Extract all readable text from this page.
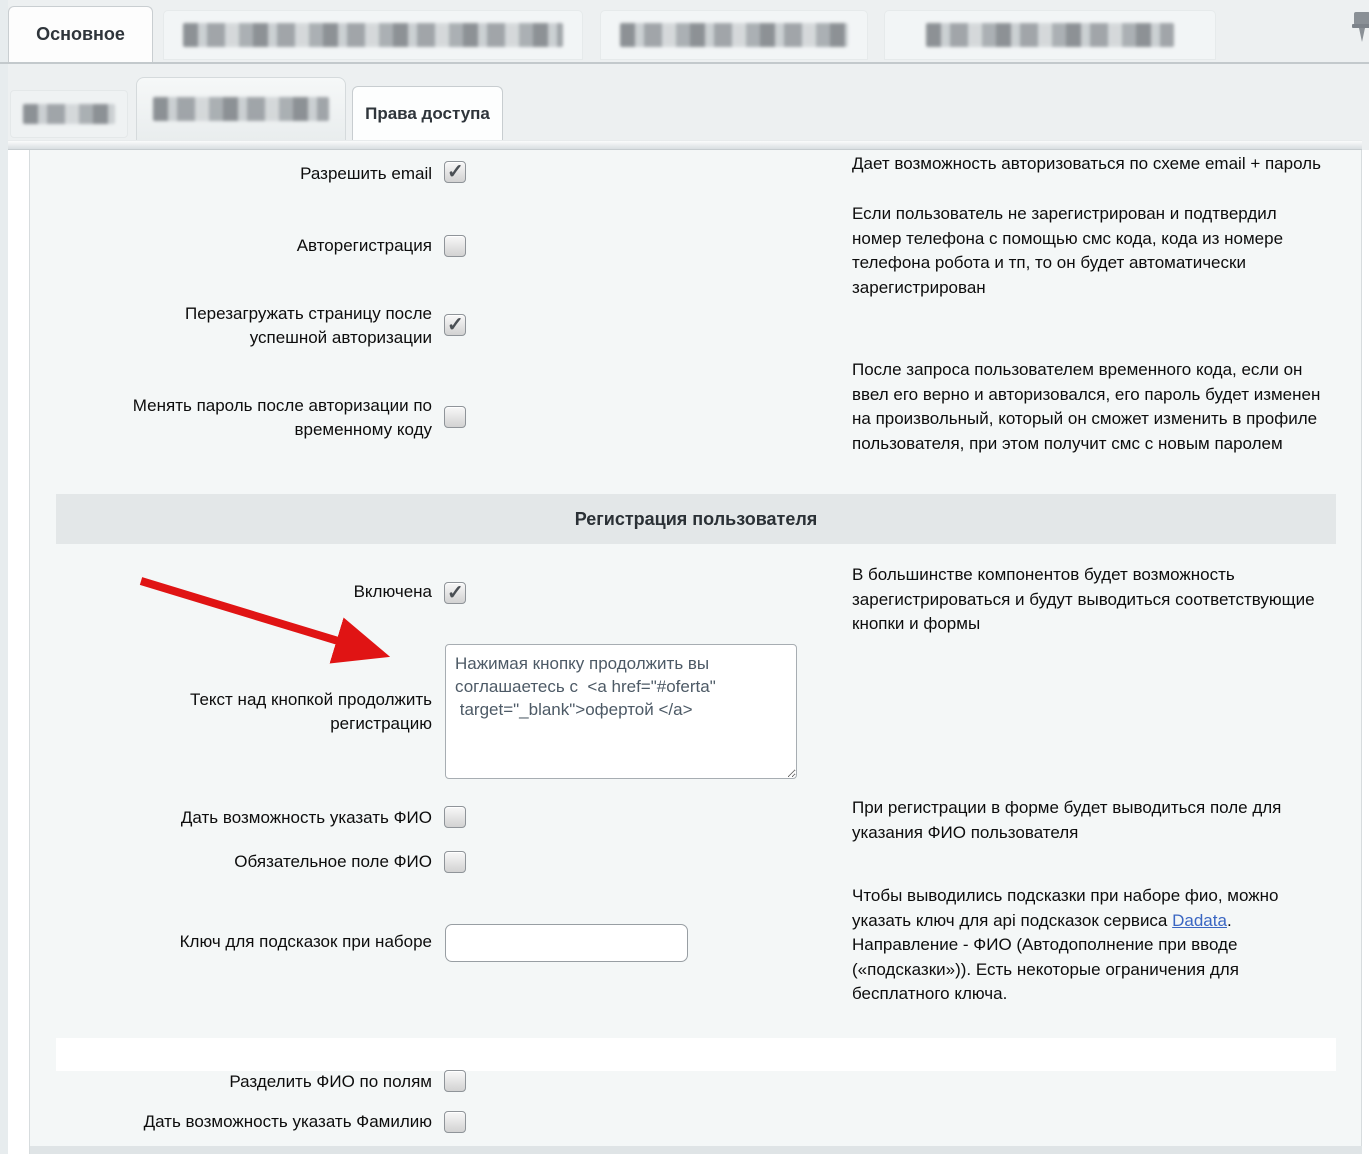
Основное
Права доступа
Разрешить email ✓	Дает возможность авторизоваться по схеме email + пароль
Авторегистрация
Если пользователь не зарегистрирован и подтвердил номер телефона с помощью смс кода, кода из номере телефона робота и тп, то он будет автоматически зарегистрирован
Перезагружать страницу после успешной авторизации
✓
Менять пароль после авторизации по временному коду
После запроса пользователем временного кода, если он ввел его верно и авторизовался, его пароль будет изменен на произвольный, который он сможет изменить в профиле пользователя, при этом получит смс с новым паролем
Регистрация пользователя
Включена ✓
В большинстве компонентов будет возможность зарегистрироваться и будут выводиться соответствующие кнопки и формы
Текст над кнопкой продолжить регистрацию
Нажимая кнопку продолжить вы соглашаетесь с <a href="#oferta" target="_blank">офертой </a>
Дать возможность указать ФИО
При регистрации в форме будет выводиться поле для указания ФИО пользователя
Обязательное поле ФИО
Ключ для подсказок при наборе
Чтобы выводились подсказки при наборе фио, можно указать ключ для api подсказок сервиса Dadata. Направление - ФИО (Автодополнение при вводе («подсказки»)). Есть некоторые ограничения для бесплатного ключа.
Разделить ФИО по полям
Дать возможность указать Фамилию
